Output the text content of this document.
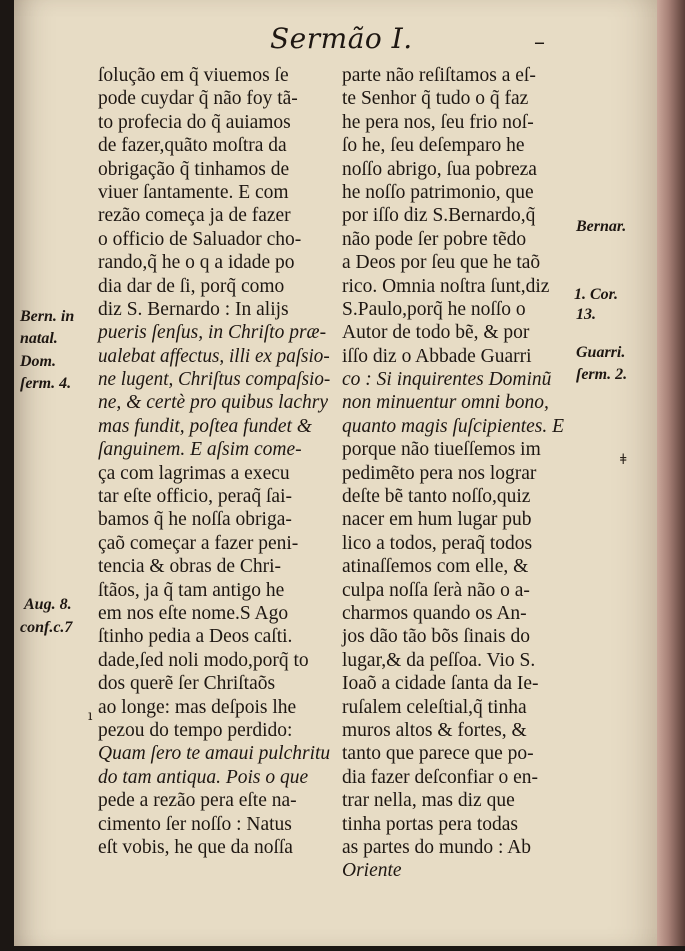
Sermão I.	–
ſolução em q̃ viuemos ſe
pode cuydar q̃ não foy tã-
to profecia do q̃ auiamos
de fazer,quãto moſtra da
obrigação q̃ tinhamos de
viuer ſantamente. E com
rezão começa ja de fazer
o officio de Saluador cho-
rando,q̃ he o q a idade po
dia dar de ſi, porq̃ como
diz S. Bernardo : In alijs
pueris ſenſus, in Chriſto præ-
ualebat affectus, illi ex paſsio-
ne lugent, Chriſtus compaſsio-
ne, & certè pro quibus lachry
mas fundit, poſtea fundet &
ſanguinem. E aſsim come-
ça com lagrimas a execu
tar eſte officio, peraq̃ ſai-
bamos q̃ he noſſa obriga-
çaõ começar a fazer peni-
tencia & obras de Chri-
ſtãos, ja q̃ tam antigo he
em nos eſte nome.S Ago
ſtinho pedia a Deos caſti.
dade,ſed noli modo,porq̃ to
dos querẽ ſer Chriſtaõs
ao longe: mas deſpois lhe
pezou do tempo perdido:
Quam ſero te amaui pulchritu
do tam antiqua. Pois o que
pede a rezão pera eſte na-
cimento ſer noſſo : Natus
eſt vobis, he que da noſſa
parte não reſiſtamos a eſ-
te Senhor q̃ tudo o q̃ faz
he pera nos, ſeu frio noſ-
ſo he, ſeu deſemparo he
noſſo abrigo, ſua pobreza
he noſſo patrimonio, que
por iſſo diz S.Bernardo,q̃
não pode ſer pobre tẽdo
a Deos por ſeu que he taõ
rico. Omnia noſtra ſunt,diz
S.Paulo,porq̃ he noſſo o
Autor de todo bẽ, & por
iſſo diz o Abbade Guarri
co : Si inquirentes Dominũ
non minuentur omni bono,
quanto magis ſuſcipientes. E
porque não tiueſſemos im
pedimẽto pera nos lograr
deſte bẽ tanto noſſo,quiz
nacer em hum lugar pub
lico a todos, peraq̃ todos
atinaſſemos com elle, &
culpa noſſa ſerà não o a-
charmos quando os An-
jos dão tão bõs ſinais do
lugar,& da peſſoa. Vio S.
Ioaõ a cidade ſanta da Ie-
ruſalem celeſtial,q̃ tinha
muros altos & fortes, &
tanto que parece que po-
dia fazer deſconfiar o en-
trar nella, mas diz que
tinha portas pera todas
as partes do mundo : Ab
Oriente
Bern. in
natal.
Dom.
ſerm. 4.
Aug. 8.
conf.c.7
ı
Bernar.
1. Cor.
13.
Guarri.
ſerm. 2.
ǂ
